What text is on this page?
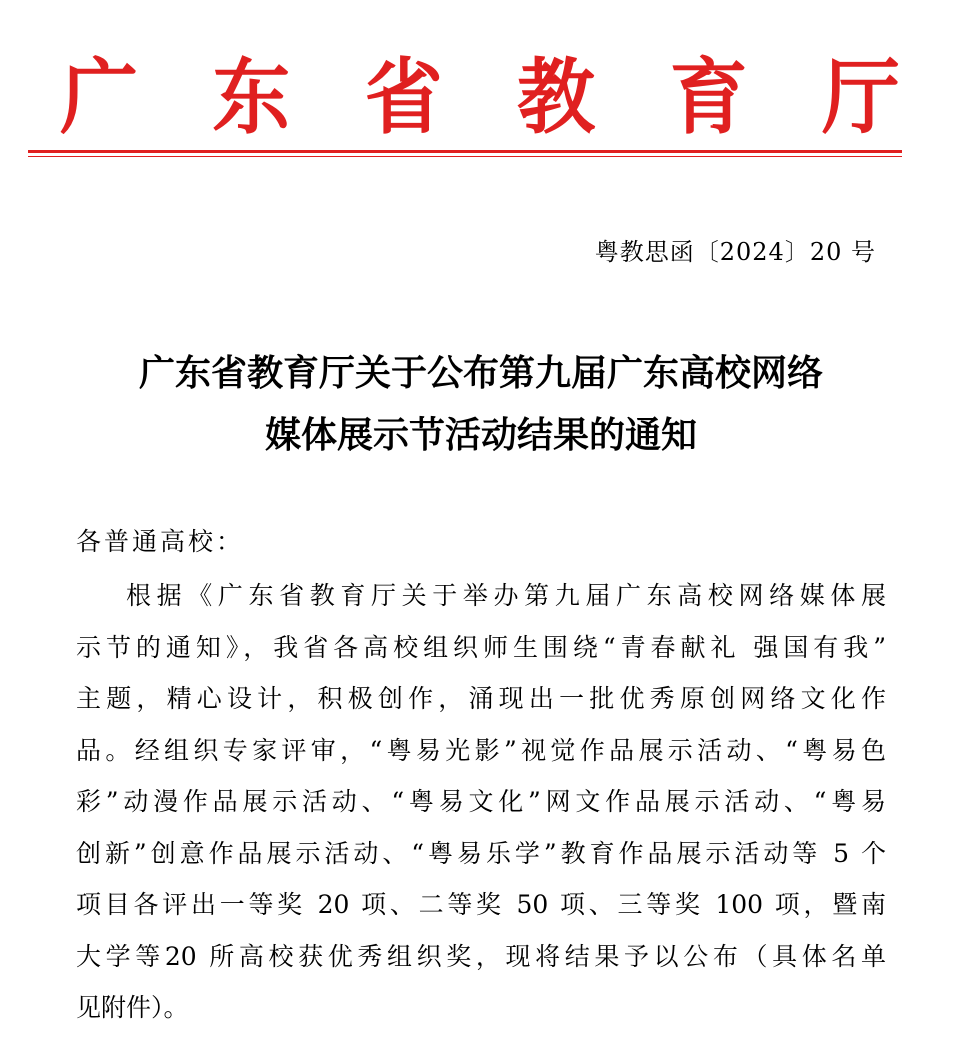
广 东 省 教 育 厅
粤教思函〔2024〕20 号
广东省教育厅关于公布第九届广东高校网络
媒体展示节活动结果的通知
各普通高校：
根据《广东省教育厅关于举办第九届广东高校网络媒体展
示节的通知》，我省各高校组织师生围绕“青春献礼 强国有我”
主题，精心设计，积极创作，涌现出一批优秀原创网络文化作
品。经组织专家评审，“粤易光影”视觉作品展示活动、“粤易色
彩”动漫作品展示活动、“粤易文化”网文作品展示活动、“粤易
创新”创意作品展示活动、“粤易乐学”教育作品展示活动等 5 个
项目各评出一等奖 20 项、二等奖 50 项、三等奖 100 项，暨南
大学等20 所高校获优秀组织奖，现将结果予以公布（具体名单
见附件）。
